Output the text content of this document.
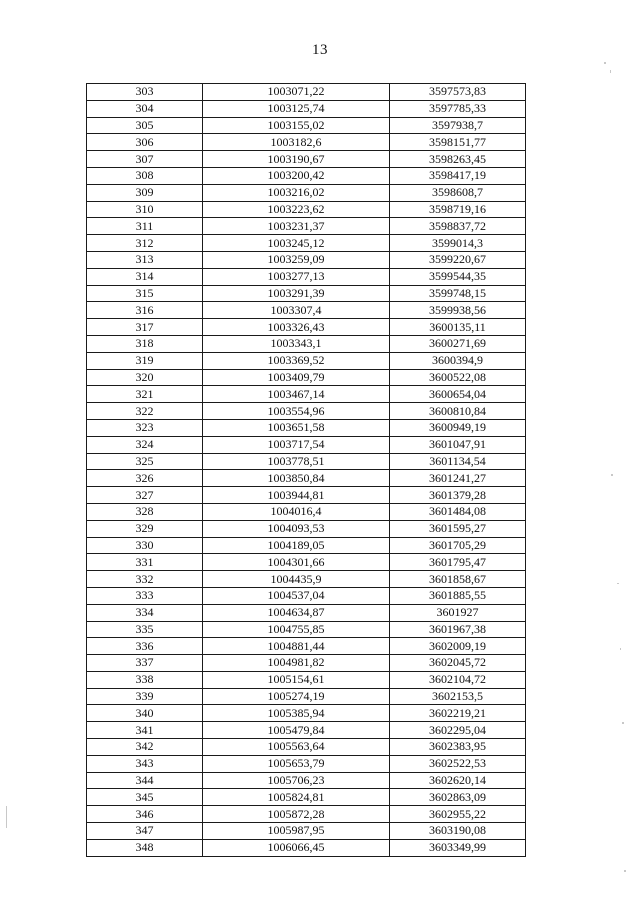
13
303	1003071,22	3597573,83
304	1003125,74	3597785,33
305	1003155,02	3597938,7
306	1003182,6	3598151,77
307	1003190,67	3598263,45
308	1003200,42	3598417,19
309	1003216,02	3598608,7
310	1003223,62	3598719,16
311	1003231,37	3598837,72
312	1003245,12	3599014,3
313	1003259,09	3599220,67
314	1003277,13	3599544,35
315	1003291,39	3599748,15
316	1003307,4	3599938,56
317	1003326,43	3600135,11
318	1003343,1	3600271,69
319	1003369,52	3600394,9
320	1003409,79	3600522,08
321	1003467,14	3600654,04
322	1003554,96	3600810,84
323	1003651,58	3600949,19
324	1003717,54	3601047,91
325	1003778,51	3601134,54
326	1003850,84	3601241,27
327	1003944,81	3601379,28
328	1004016,4	3601484,08
329	1004093,53	3601595,27
330	1004189,05	3601705,29
331	1004301,66	3601795,47
332	1004435,9	3601858,67
333	1004537,04	3601885,55
334	1004634,87	3601927
335	1004755,85	3601967,38
336	1004881,44	3602009,19
337	1004981,82	3602045,72
338	1005154,61	3602104,72
339	1005274,19	3602153,5
340	1005385,94	3602219,21
341	1005479,84	3602295,04
342	1005563,64	3602383,95
343	1005653,79	3602522,53
344	1005706,23	3602620,14
345	1005824,81	3602863,09
346	1005872,28	3602955,22
347	1005987,95	3603190,08
348	1006066,45	3603349,99
